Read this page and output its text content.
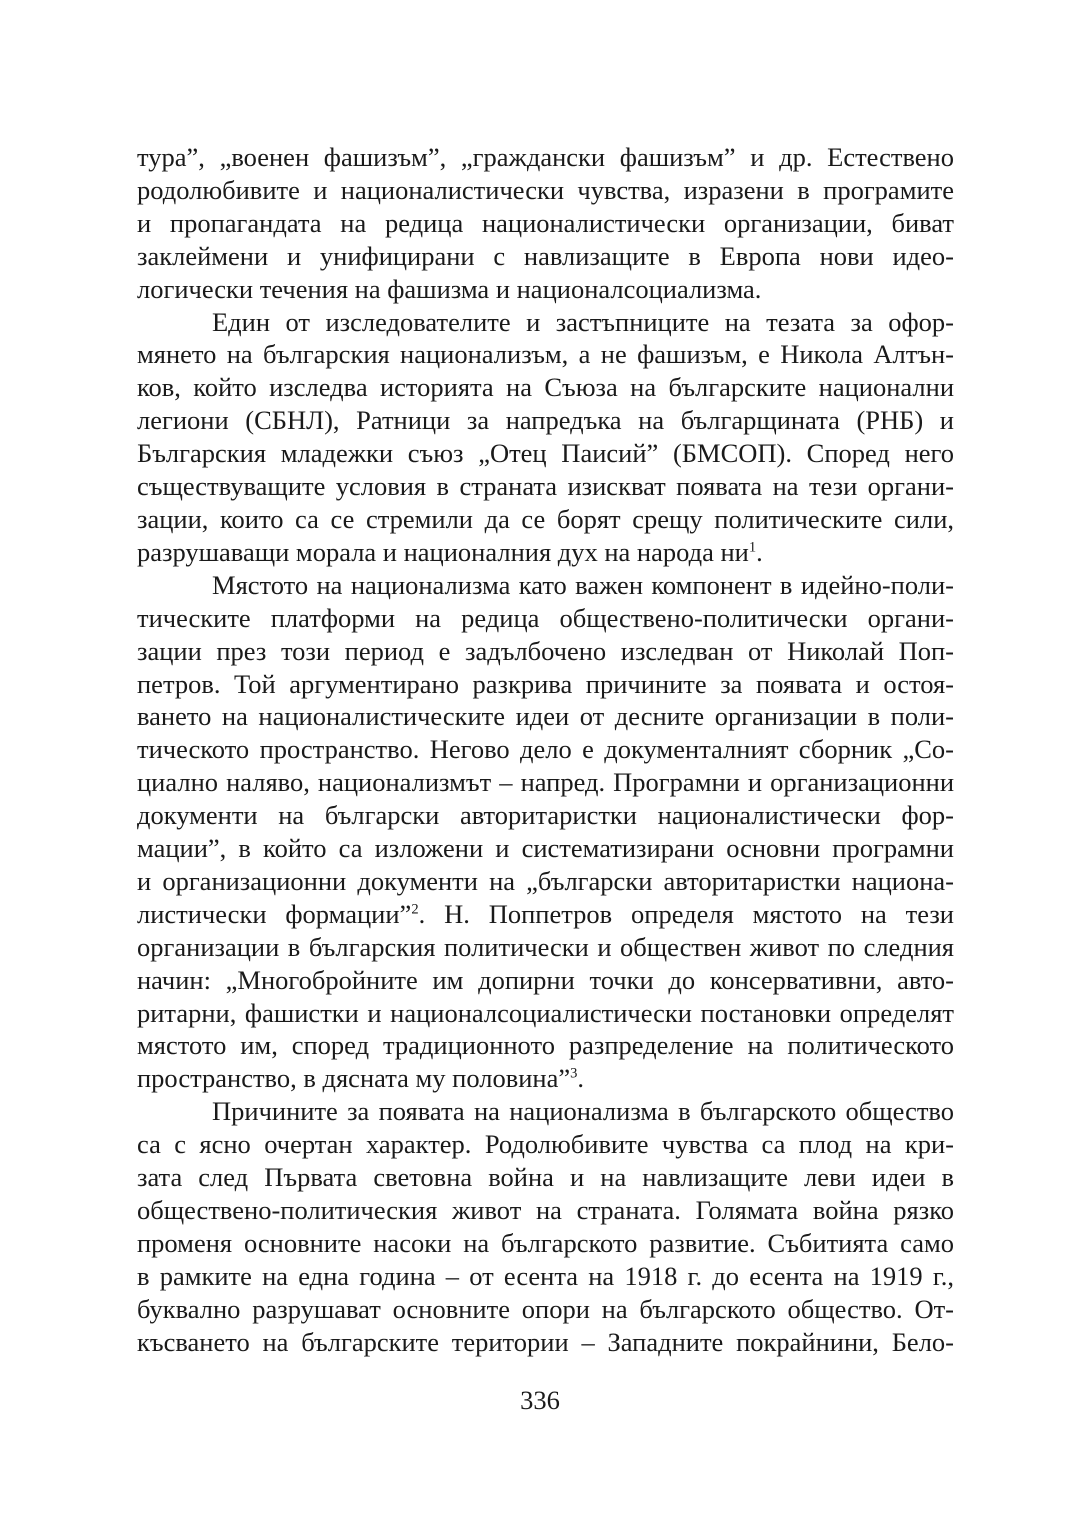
тура”, „военен фашизъм”, „граждански фашизъм” и др. Естествено
родолюбивите и националистически чувства, изразени в програмите
и пропагандата на редица националистически организации, биват
заклеймени и унифицирани с навлизащите в Европа нови идео-
логически течения на фашизма и националсоциализма.

Един от изследователите и застъпниците на тезата за офор-
мянето на българския национализъм, а не фашизъм, е Никола Алтън-
ков, който изследва историята на Съюза на българските национални
легиони (СБНЛ), Ратници за напредъка на българщината (РНБ) и
Българския младежки съюз „Отец Паисий” (БМСОП). Според него
съществуващите условия в страната изискват появата на тези органи-
зации, които са се стремили да се борят срещу политическите сили,
разрушаващи морала и националния дух на народа ни$^1$.

Мястото на национализма като важен компонент в идейно-поли-
тическите платформи на редица обществено-политически органи-
зации през този период е задълбочено изследван от Николай Поп-
петров. Той аргументирано разкрива причините за появата и остоя-
ването на националистическите идеи от десните организации в поли-
тическото пространство. Негово дело е документалният сборник „Со-
циално наляво, национализмът – напред. Програмни и организационни
документи на български авторитаристки националистически фор-
мации”, в който са изложени и систематизирани основни програмни
и организационни документи на „български авторитаристки национа-
листически формации”$^2$. Н. Поппетров определя мястото на тези
организации в българския политически и обществен живот по следния
начин: „Многобройните им допирни точки до консервативни, авто-
ритарни, фашистки и националсоциалистически постановки определят
мястото им, според традиционното разпределение на политическото
пространство, в дясната му половина”$^3$.

Причините за появата на национализма в българското общество
са с ясно очертан характер. Родолюбивите чувства са плод на кри-
зата след Първата световна война и на навлизащите леви идеи в
обществено-политическия живот на страната. Голямата война рязко
променя основните насоки на българското развитие. Събитията само
в рамките на една година – от есента на 1918 г. до есента на 1919 г.,
буквално разрушават основните опори на българското общество. От-
късването на българските територии – Западните покрайнини, Бело-

336
